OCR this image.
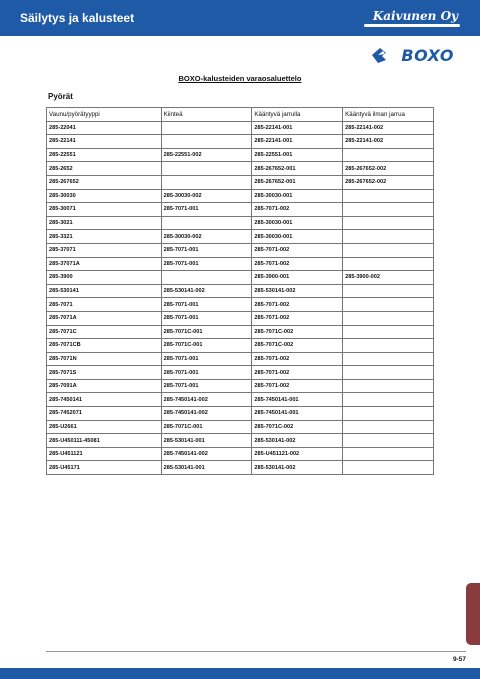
Säilytys ja kalusteet	Kaivunen Oy
BOXO
BOXO-kalusteiden varaosaluettelo
Pyörät
Vaunu/pyörätyyppi	Kiinteä	Kääntyvä jarrulla	Kääntyvä ilman jarrua
285-22041		285-22141-001	285-22141-002
285-22141		285-22141-001	285-22141-002
285-22551	285-22551-002	285-22551-001	
285-2652		285-267652-001	285-267652-002
285-267652		285-267652-001	285-267652-002
285-30030	285-30030-002	285-30030-001	
285-30071	285-7071-001	285-7071-002	
285-3021		285-30030-001	
285-3321	285-30030-002	285-30030-001	
285-37071	285-7071-001	285-7071-002	
285-37071A	285-7071-001	285-7071-002	
285-3900		285-3900-001	285-3900-002
285-530141	285-530141-002	285-530141-002	
285-7071	285-7071-001	285-7071-002	
285-7071A	285-7071-001	285-7071-002	
285-7071C	285-7071C-001	285-7071C-002	
285-7071CB	285-7071C-001	285-7071C-002	
285-7071N	285-7071-001	285-7071-002	
285-7071S	285-7071-001	285-7071-002	
285-7091A	285-7071-001	285-7071-002	
285-7450141	285-7450141-002	285-7450141-001	
285-7452071	285-7450141-002	285-7450141-001	
285-U2661	285-7071C-001	285-7071C-002	
285-U450111-45081	285-530141-001	285-530141-002	
285-U451121	285-7450141-002	285-U451121-002	
285-U45171	285-530141-001	285-530141-002	
9-57
